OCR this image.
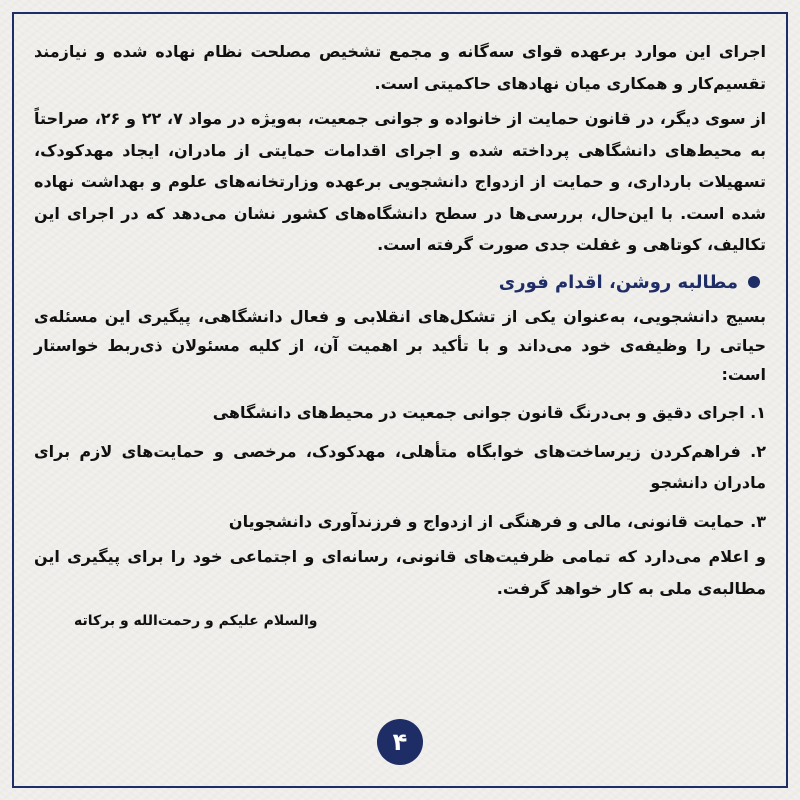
اجرای این موارد برعهده قوای سه‌گانه و مجمع تشخیص مصلحت نظام نهاده شده و نیازمند تقسیم‌کار و همکاری میان نهادهای حاکمیتی است.

از سوی دیگر، در قانون حمایت از خانواده و جوانی جمعیت، به‌ویژه در مواد ۷، ۲۲ و ۲۶، صراحتاً به محیط‌های دانشگاهی پرداخته شده و اجرای اقدامات حمایتی از مادران، ایجاد مهدکودک، تسهیلات بارداری، و حمایت از ازدواج دانشجویی برعهده وزارتخانه‌های علوم و بهداشت نهاده شده است. با این‌حال، بررسی‌ها در سطح دانشگاه‌های کشور نشان می‌دهد که در اجرای این تکالیف، کوتاهی و غفلت جدی صورت گرفته است.

مطالبه روشن، اقدام فوری

بسیج دانشجویی، به‌عنوان یکی از تشکل‌های انقلابی و فعال دانشگاهی، پیگیری این مسئله‌ی حیاتی را وظیفه‌ی خود می‌داند و با تأکید بر اهمیت آن، از کلیه مسئولان ذی‌ربط خواستار است:

۱. اجرای دقیق و بی‌درنگ قانون جوانی جمعیت در محیط‌های دانشگاهی

۲. فراهم‌کردن زیرساخت‌های خوابگاه متأهلی، مهدکودک، مرخصی و حمایت‌های لازم برای مادران دانشجو

۳. حمایت قانونی، مالی و فرهنگی از ازدواج و فرزندآوری دانشجویان

و اعلام می‌دارد که تمامی ظرفیت‌های قانونی، رسانه‌ای و اجتماعی خود را برای پیگیری این مطالبه‌ی ملی به کار خواهد گرفت.

والسلام علیکم و رحمت‌الله و برکاته

۴
